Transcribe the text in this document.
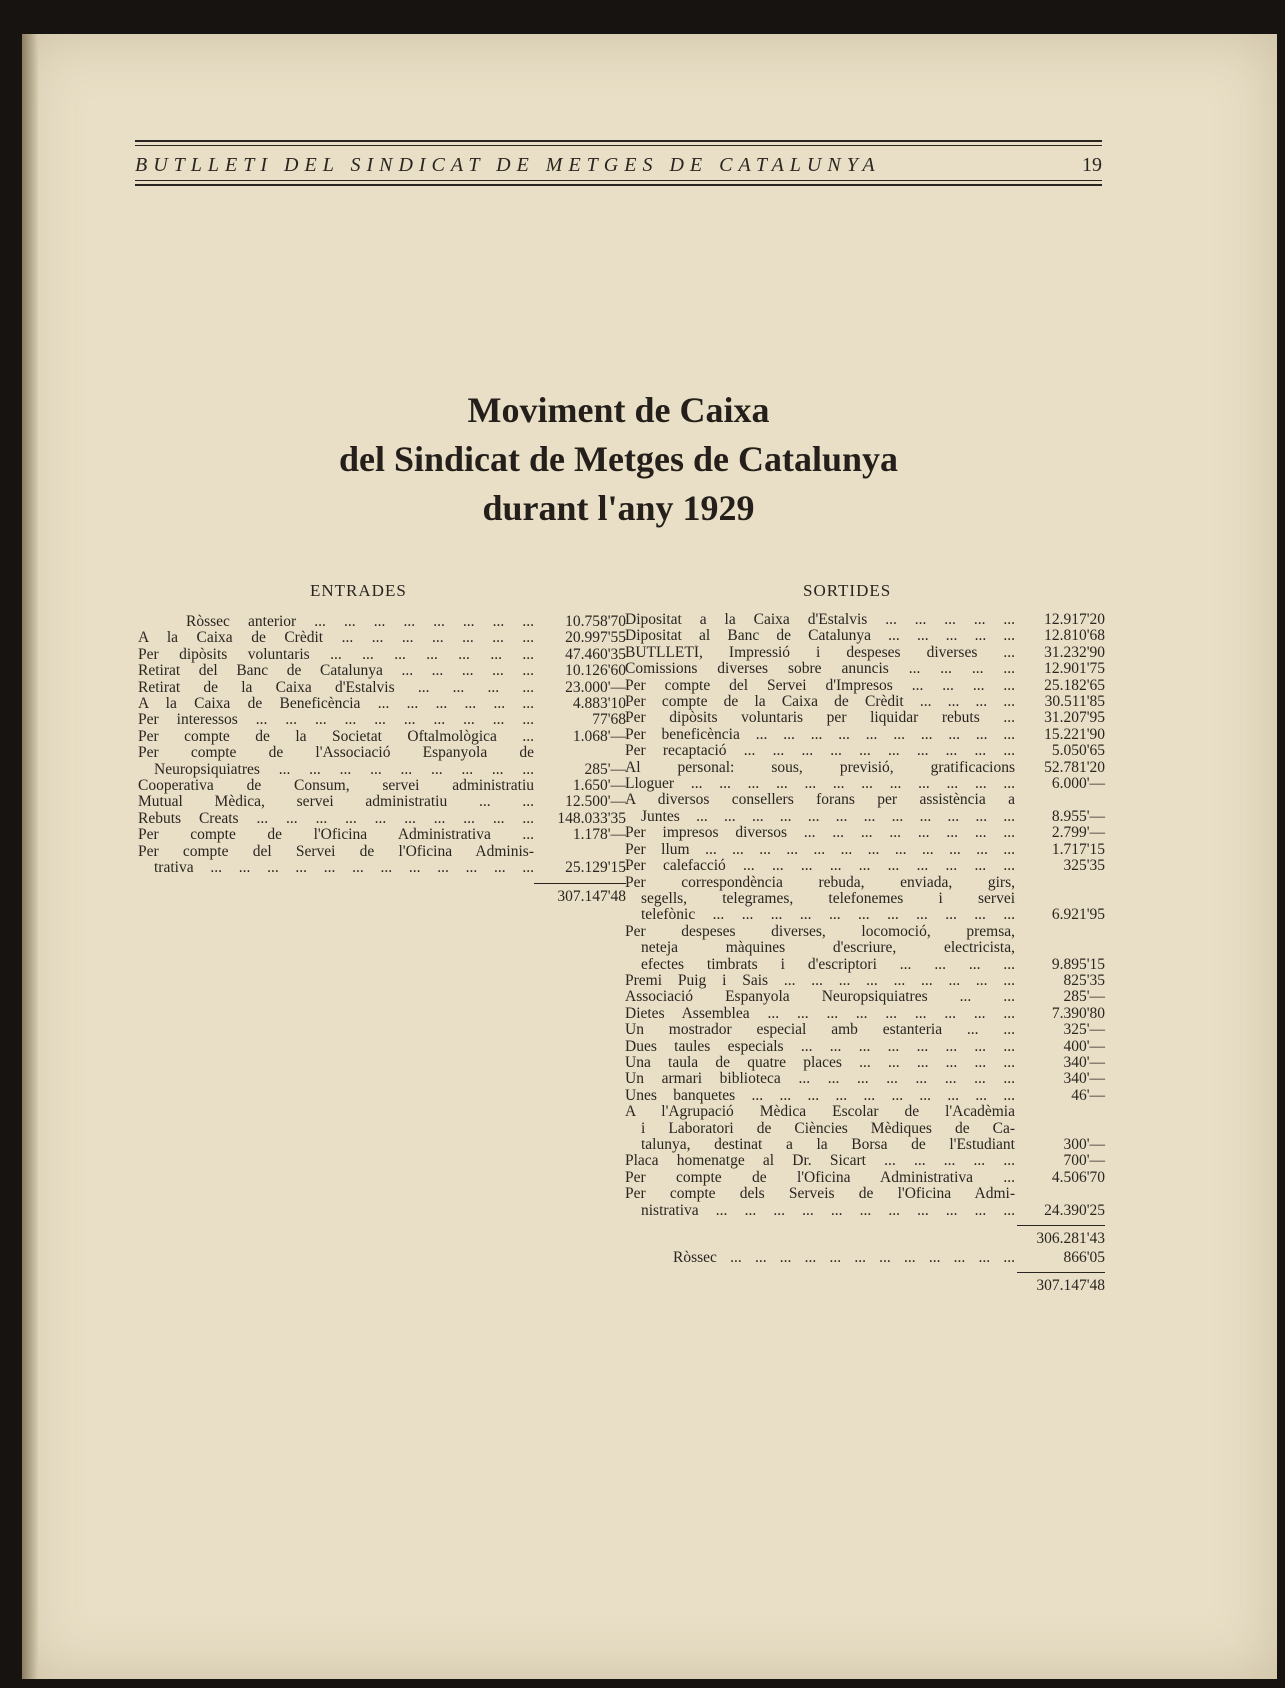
BUTLLETI DEL SINDICAT DE METGES DE CATALUNYA	19
Moviment de Caixa
del Sindicat de Metges de Catalunya
durant l'any 1929
ENTRADES	SORTIDES
Ròssec anterior ... ... ... ... ... ... ... ...	10.758'70
A la Caixa de Crèdit ... ... ... ... ... ... ...	20.997'55
Per dipòsits voluntaris ... ... ... ... ... ... ...	47.460'35
Retirat del Banc de Catalunya ... ... ... ... ...	10.126'60
Retirat de la Caixa d'Estalvis ... ... ... ...	23.000'—
A la Caixa de Beneficència ... ... ... ... ... ...	4.883'10
Per interessos ... ... ... ... ... ... ... ... ... ...	77'68
Per compte de la Societat Oftalmològica ...	1.068'—
Per compte de l'Associació Espanyola de
Neuropsiquiatres ... ... ... ... ... ... ... ... ...	285'—
Cooperativa de Consum, servei administratiu	1.650'—
Mutual Mèdica, servei administratiu ... ...	12.500'—
Rebuts Creats ... ... ... ... ... ... ... ... ... ...	148.033'35
Per compte de l'Oficina Administrativa ...	1.178'—
Per compte del Servei de l'Oficina Adminis-
trativa ... ... ... ... ... ... ... ... ... ... ... ...	25.129'15
307.147'48
Dipositat a la Caixa d'Estalvis ... ... ... ... ...	12.917'20
Dipositat al Banc de Catalunya ... ... ... ... ...	12.810'68
BUTLLETÍ, Impressió i despeses diverses ...	31.232'90
Comissions diverses sobre anuncis ... ... ... ...	12.901'75
Per compte del Servei d'Impresos ... ... ... ...	25.182'65
Per compte de la Caixa de Crèdit ... ... ... ...	30.511'85
Per dipòsits voluntaris per liquidar rebuts ...	31.207'95
Per beneficència ... ... ... ... ... ... ... ... ... ...	15.221'90
Per recaptació ... ... ... ... ... ... ... ... ... ...	5.050'65
Al personal: sous, previsió, gratificacions	52.781'20
Lloguer ... ... ... ... ... ... ... ... ... ... ... ...	6.000'—
A diversos consellers forans per assistència a
Juntes ... ... ... ... ... ... ... ... ... ... ... ...	8.955'—
Per impresos diversos ... ... ... ... ... ... ... ...	2.799'—
Per llum ... ... ... ... ... ... ... ... ... ... ... ...	1.717'15
Per calefacció ... ... ... ... ... ... ... ... ... ...	325'35
Per correspondència rebuda, enviada, girs,
segells, telegrames, telefonemes i servei
telefònic ... ... ... ... ... ... ... ... ... ... ...	6.921'95
Per despeses diverses, locomoció, premsa,
neteja màquines d'escriure, electricista,
efectes timbrats i d'escriptori ... ... ... ...	9.895'15
Premi Puig i Sais ... ... ... ... ... ... ... ... ...	825'35
Associació Espanyola Neuropsiquiatres ... ...	285'—
Dietes Assemblea ... ... ... ... ... ... ... ... ...	7.390'80
Un mostrador especial amb estanteria ... ...	325'—
Dues taules especials ... ... ... ... ... ... ... ...	400'—
Una taula de quatre places ... ... ... ... ... ...	340'—
Un armari biblioteca ... ... ... ... ... ... ... ...	340'—
Unes banquetes ... ... ... ... ... ... ... ... ... ...	46'—
A l'Agrupació Mèdica Escolar de l'Acadèmia
i Laboratori de Ciències Mèdiques de Ca-
talunya, destinat a la Borsa de l'Estudiant	300'—
Placa homenatge al Dr. Sicart ... ... ... ... ...	700'—
Per compte de l'Oficina Administrativa ...	4.506'70
Per compte dels Serveis de l'Oficina Admi-
nistrativa ... ... ... ... ... ... ... ... ... ... ...	24.390'25
306.281'43
Ròssec ... ... ... ... ... ... ... ... ... ... ... ...	866'05
307.147'48
